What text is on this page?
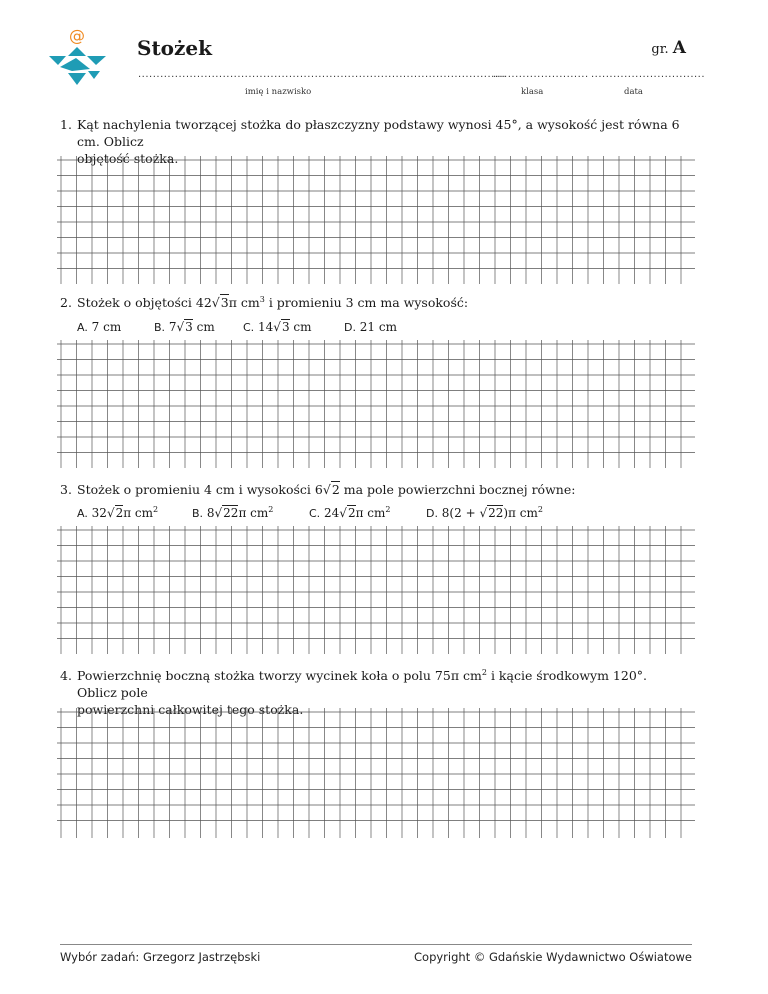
@
Stożek	gr. A
....................................................................................................
.......................... ...............................
imię i nazwisko	klasa	data
1. Kąt nachylenia tworzącej stożka do płaszczyzny podstawy wynosi 45°, a wysokość jest równa 6 cm. Oblicz
objętość stożka.
2. Stożek o objętości 42√3π $cm^3$ i promieniu 3 cm ma wysokość:
A. 7 cm	B. 7√3 cm	C. 14√3 cm	D. 21 cm
3. Stożek o promieniu 4 cm i wysokości 6√2 ma pole powierzchni bocznej równe:
A. 32√2π $cm^2$	B. 8√22π $cm^2$	C. 24√2π $cm^2$	D. 8(2 + √22)π $cm^2$
4. Powierzchnię boczną stożka tworzy wycinek koła o polu 75π $cm^2$ i kącie środkowym 120°. Oblicz pole
powierzchni całkowitej tego stożka.
Wybór zadań: Grzegorz Jastrzębski	Copyright © Gdańskie Wydawnictwo Oświatowe
